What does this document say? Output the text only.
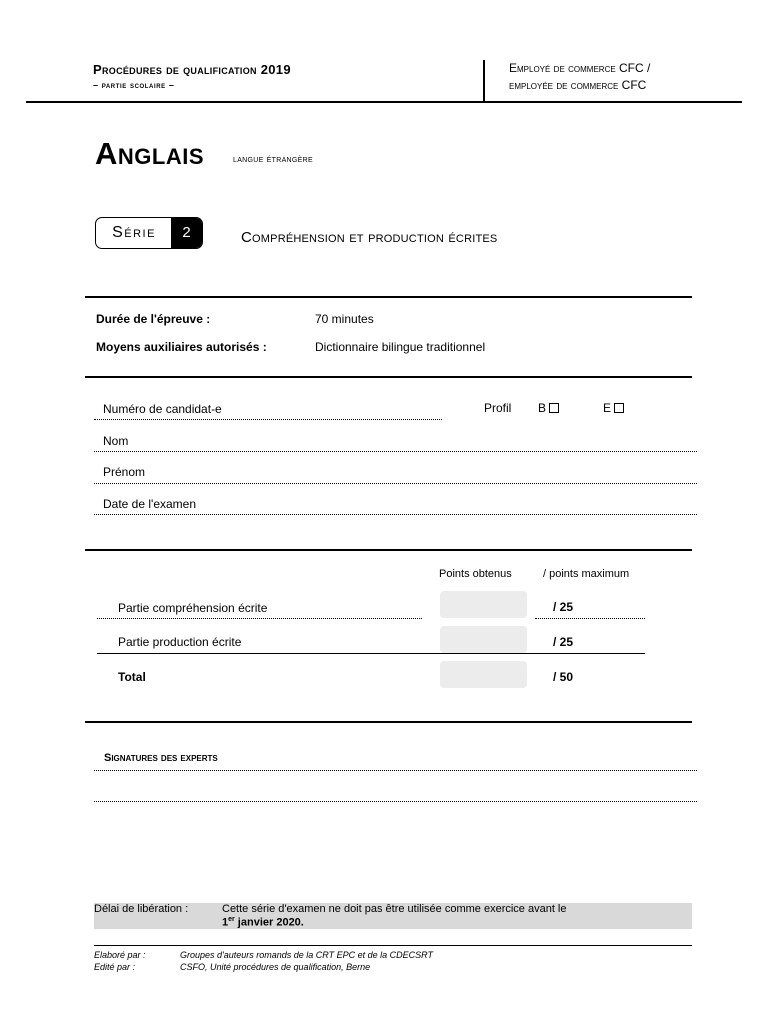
Procédures de qualification 2019
– partie scolaire –
Employé de commerce CFC /
employée de commerce CFC
Anglais	langue étrangère
Série	2	Compréhension et production écrites
Durée de l'épreuve :	70 minutes
Moyens auxiliaires autorisés :	Dictionnaire bilingue traditionnel
Numéro de candidat-e	Profil B	E
Nom
Prénom
Date de l'examen
Points obtenus	/ points maximum
Partie compréhension écrite	/ 25
Partie production écrite	/ 25
Total	/ 50
Signatures des experts
Délai de libération :	Cette série d'examen ne doit pas être utilisée comme exercice avant le
1er janvier 2020.
Elaboré par :	Groupes d'auteurs romands de la CRT EPC et de la CDECSRT
Edité par :	CSFO, Unité procédures de qualification, Berne
